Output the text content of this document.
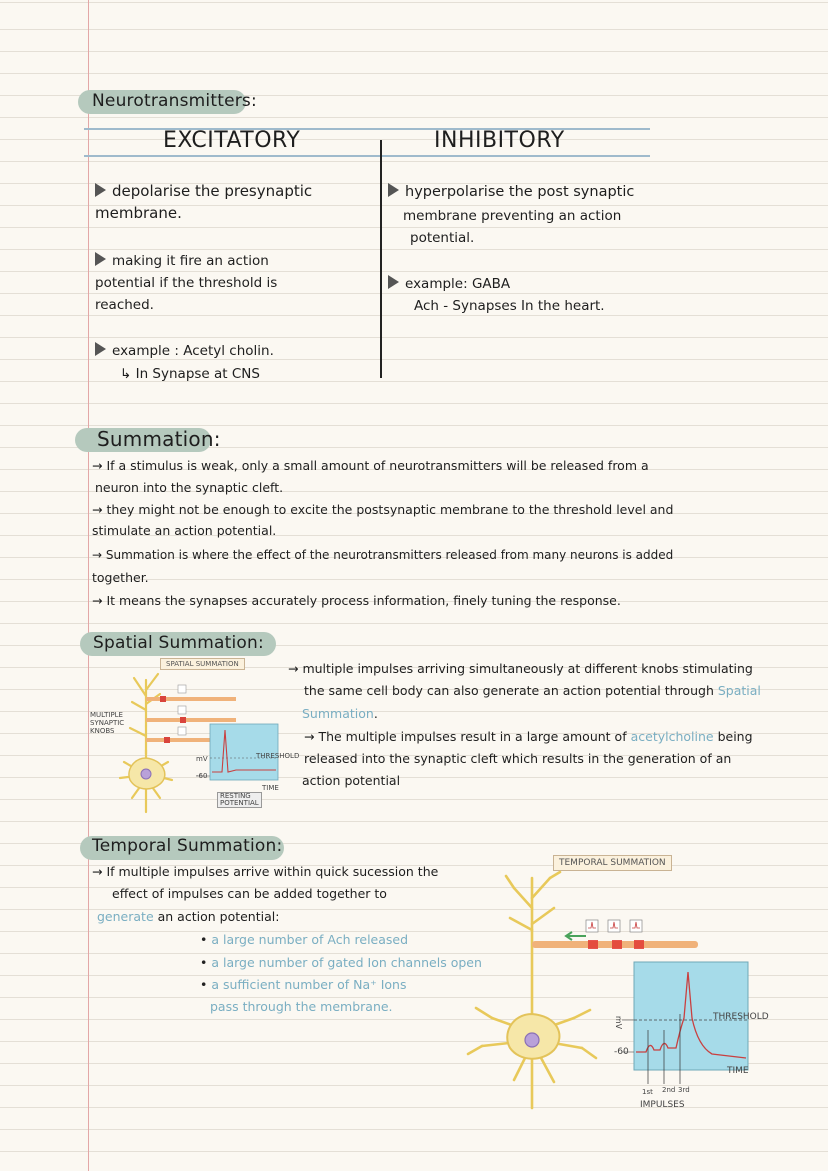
Neurotransmitters:
EXCITATORY	INHIBITORY
depolarise the presynaptic
membrane.
making it fire an action
potential if the threshold is
reached.
example : Acetyl cholin.
↳ In Synapse at CNS
hyperpolarise the post synaptic
membrane preventing an action
potential.
example: GABA
Ach - Synapses In the heart.
Summation:
→ If a stimulus is weak, only a small amount of neurotransmitters will be released from a
neuron into the synaptic cleft.
→ they might not be enough to excite the postsynaptic membrane to the threshold level and
stimulate an action potential.
→ Summation is where the effect of the neurotransmitters released from many neurons is added
together.
→ It means the synapses accurately process information, finely tuning the response.
Spatial Summation:
SPATIAL SUMMATION
MULTIPLE
SYNAPTIC
KNOBS
THRESHOLD
TIME
mV
-60
RESTING
POTENTIAL
→ multiple impulses arriving simultaneously at different knobs stimulating
the same cell body can also generate an action potential through Spatial
Summation.
→ The multiple impulses result in a large amount of acetylcholine being
released into the synaptic cleft which results in the generation of an
action potential
Temporal Summation:
→ If multiple impulses arrive within quick sucession the
effect of impulses can be added together to
generate an action potential:
• a large number of Ach released
• a large number of gated Ion channels open
• a sufficient number of Na⁺ Ions
pass through the membrane.
TEMPORAL SUMMATION
THRESHOLD
TIME
mV
-60
1st 2nd 3rd
IMPULSES
